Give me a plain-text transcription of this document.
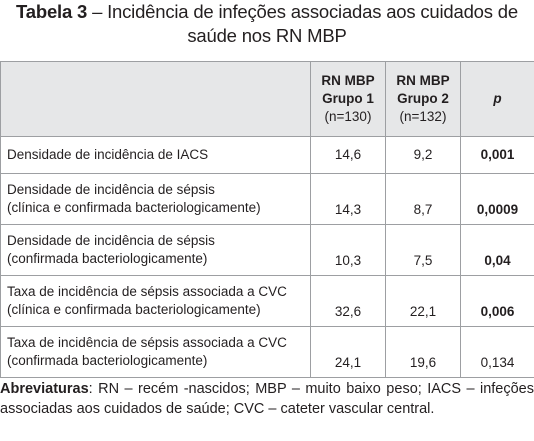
Tabela 3 – Incidência de infeções associadas aos cuidados de
saúde nos RN MBP

	RN MBP
Grupo 1
(n=130)	RN MBP
Grupo 2
(n=132)	p

Densidade de incidência de IACS	14,6	9,2	0,001

Densidade de incidência de sépsis
(clínica e confirmada bacteriologicamente)	14,3	8,7	0,0009

Densidade de incidência de sépsis
(confirmada bacteriologicamente)	10,3	7,5	0,04

Taxa de incidência de sépsis associada a CVC
(clínica e confirmada bacteriologicamente)	32,6	22,1	0,006

Taxa de incidência de sépsis associada a CVC
(confirmada bacteriologicamente)	24,1	19,6	0,134
Abreviaturas: RN – recém -nascidos; MBP – muito baixo peso; IACS – infeções associadas aos cuidados de saúde; CVC – cateter vascular central.
